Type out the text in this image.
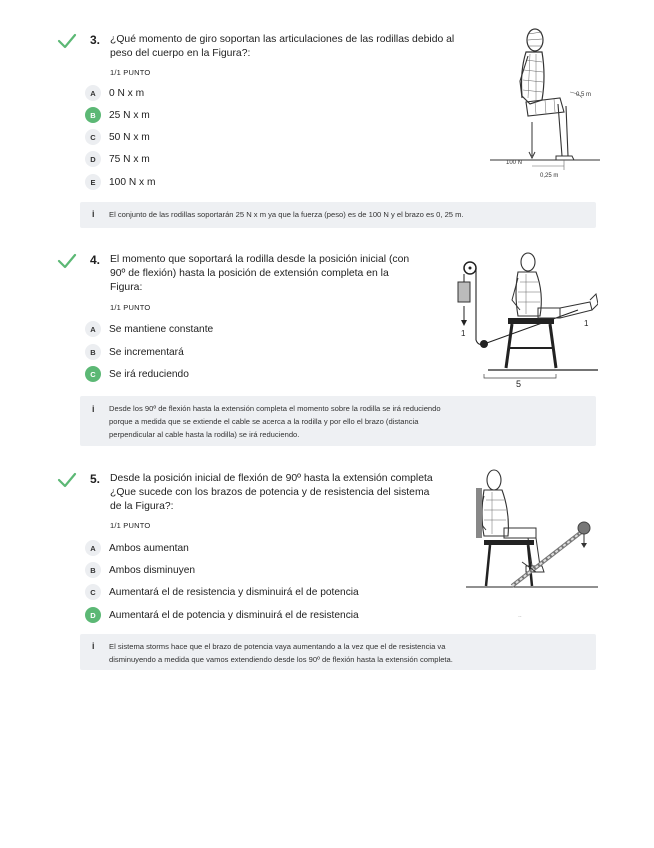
3. ¿Qué momento de giro soportan las articulaciones de las rodillas debido al
peso del cuerpo en la Figura?:
1/1 PUNTO
A	0 N x m
B	25 N x m
C	50 N x m
D	75 N x m
E	100 N x m
0,5 m
100 N
0,25 m
i El conjunto de las rodillas soportarán 25 N x m ya que la fuerza (peso) es de 100 N y el brazo es 0, 25 m.
4. El momento que soportará la rodilla desde la posición inicial (con
90º de flexión) hasta la posición de extensión completa en la
Figura:
1/1 PUNTO
A	Se mantiene constante
B	Se incrementará
C	Se irá reduciendo
1
1
5
i Desde los 90º de flexión hasta la extensión completa el momento sobre la rodilla se irá reduciendo
porque a medida que se extiende el cable se acerca a la rodilla y por ello el brazo (distancia
perpendicular al cable hasta la rodilla) se irá reduciendo.
5. Desde la posición inicial de flexión de 90º hasta la extensión completa
¿Que sucede con los brazos de potencia y de resistencia del sistema
de la Figura?:
1/1 PUNTO
A	Ambos aumentan
B	Ambos disminuyen
C	Aumentará el de resistencia y disminuirá el de potencia
D	Aumentará el de potencia y disminuirá el de resistencia	·∙
i El sistema storms hace que el brazo de potencia vaya aumentando a la vez que el de resistencia va
disminuyendo a medida que vamos extendiendo desde los 90º de flexión hasta la extensión completa.
